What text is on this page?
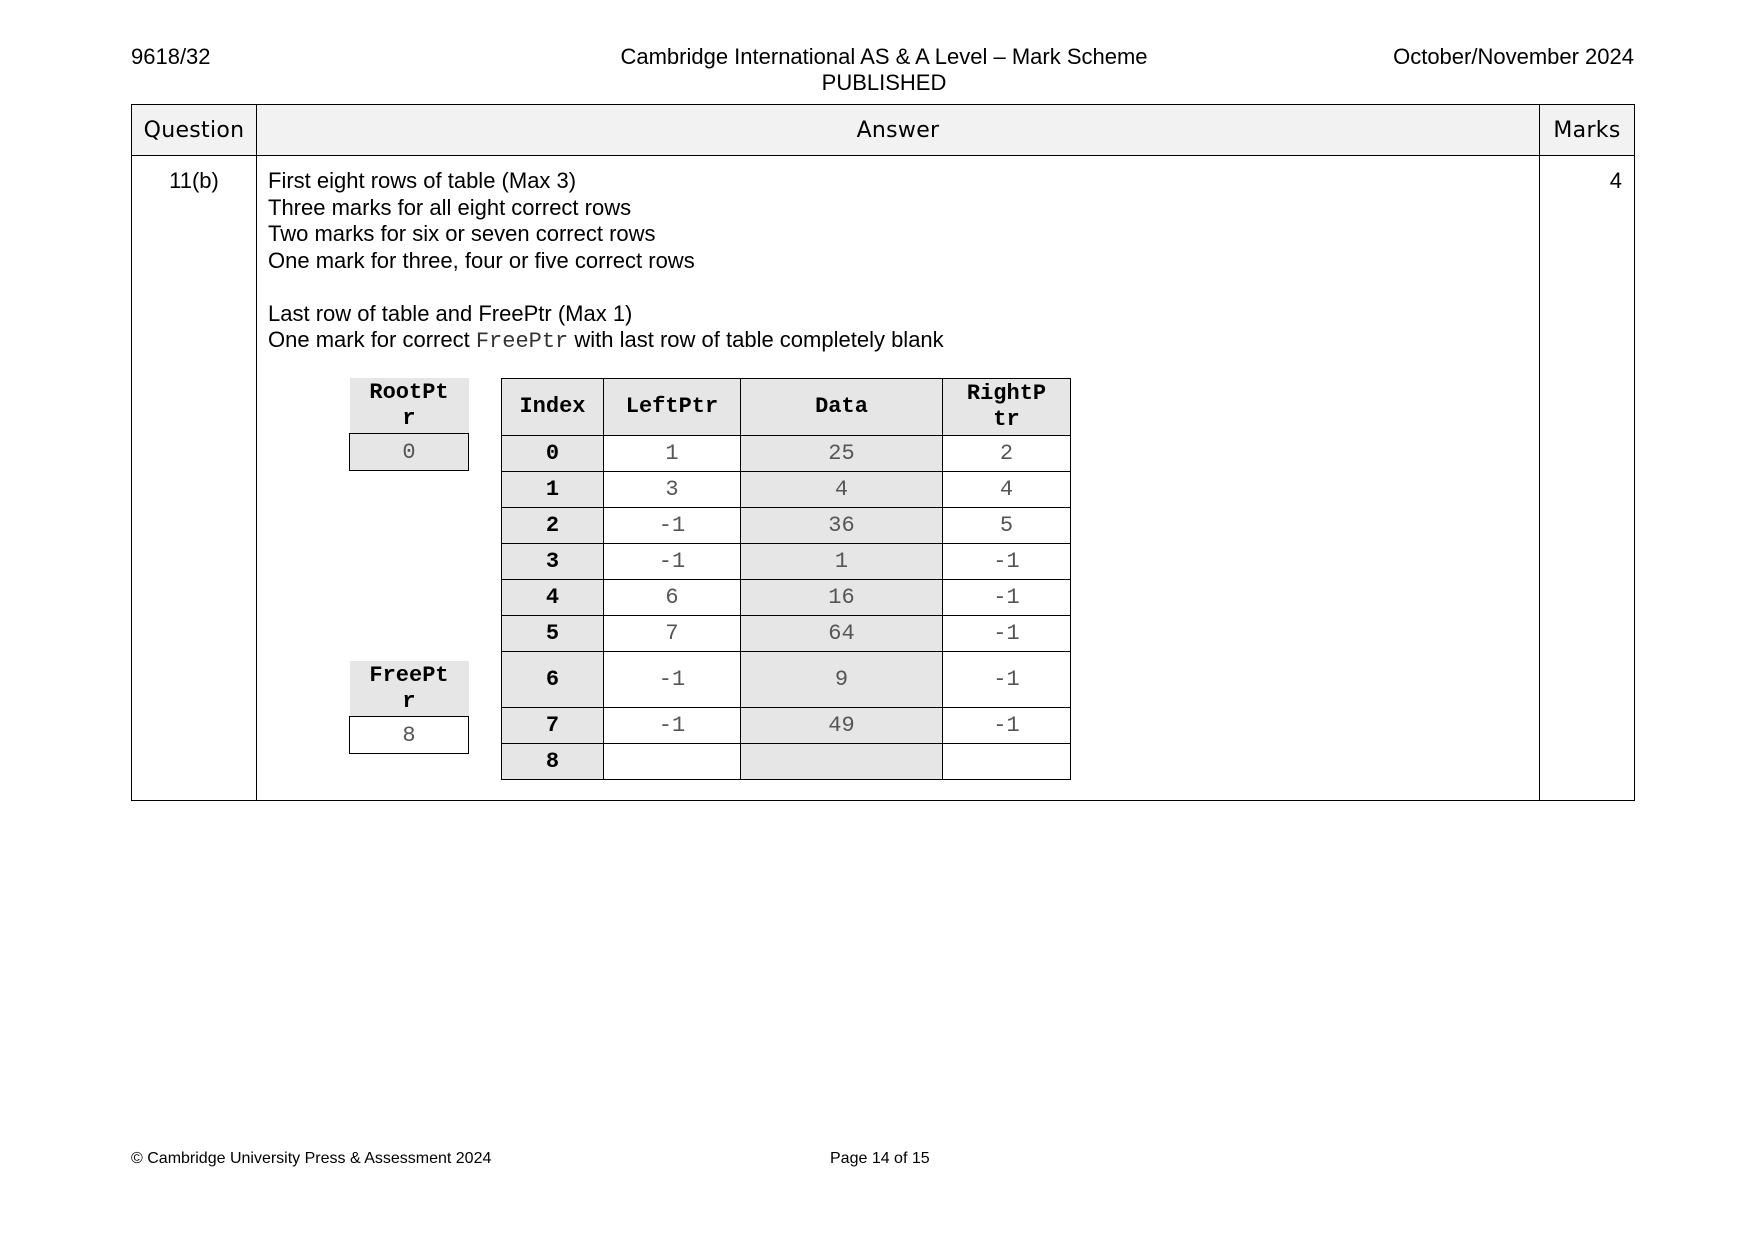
9618/32	Cambridge International AS & A Level – Mark Scheme
PUBLISHED
October/November 2024
Question	Answer	Marks
11(b)	First eight rows of table (Max 3)
Three marks for all eight correct rows
Two marks for six or seven correct rows
One mark for three, four or five correct rows
Last row of table and FreePtr (Max 1)
One mark for correct FreePtr with last row of table completely blank
RootPt
r
0
FreePt
r
8
Index	LeftPtr	Data	RightP
tr
0	1	25	2
1	3	4	4
2	-1	36	5
3	-1	1	-1
4	6	16	-1
5	7	64	-1
6	-1	9	-1
7	-1	49	-1
8			
	4
© Cambridge University Press & Assessment 2024	Page 14 of 15
